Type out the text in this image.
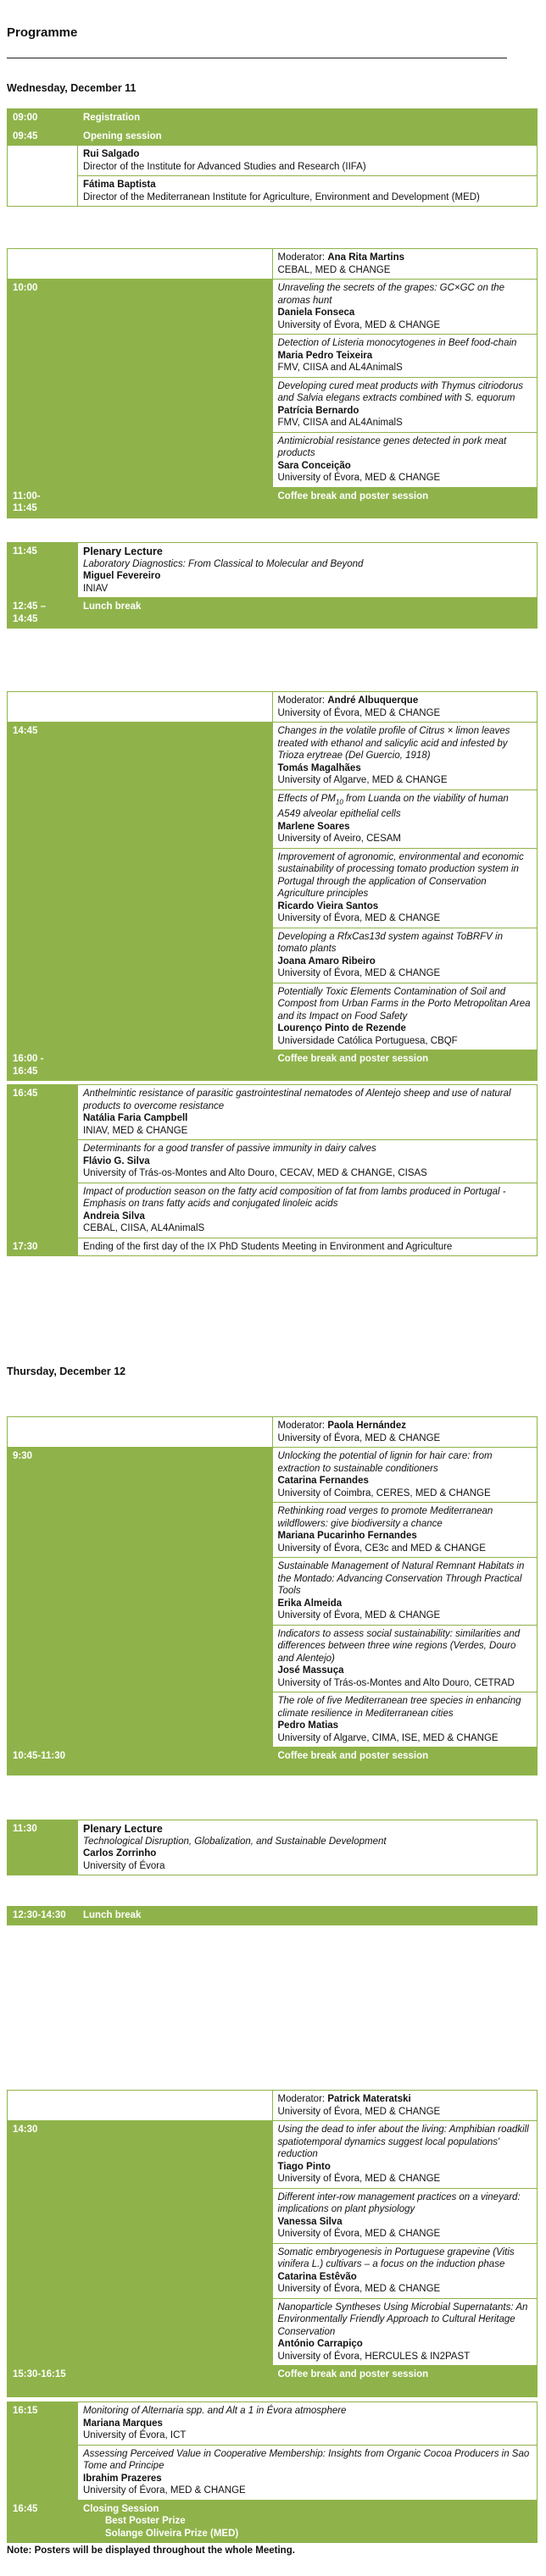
Programme
Wednesday, December 11
09:00	Registration
09:45	Opening session

	Rui Salgado
Director of the Institute for Advanced Studies and Research (IIFA)

	Fátima Baptista
Director of the Mediterranean Institute for Agriculture, Environment and Development (MED)
	Moderator: Ana Rita Martins
CEBAL, MED & CHANGE

10:00	Unraveling the secrets of the grapes: GC×GC on the aromas hunt
Daniela Fonseca
University of Évora, MED & CHANGE

	Detection of Listeria monocytogenes in Beef food-chain
Maria Pedro Teixeira
FMV, CIISA and AL4AnimalS

	Developing cured meat products with Thymus citriodorus and Salvia elegans extracts combined with S. equorum
Patrícia Bernardo
FMV, CIISA and AL4AnimalS

	Antimicrobial resistance genes detected in pork meat products
Sara Conceição
University of Évora, MED & CHANGE

11:00-
11:45	Coffee break and poster session
11:45	Plenary Lecture
Laboratory Diagnostics: From Classical to Molecular and Beyond
Miguel Fevereiro
INIAV

12:45 –
14:45	Lunch break
	Moderator: André Albuquerque
University of Évora, MED & CHANGE

14:45	Changes in the volatile profile of Citrus × limon leaves treated with ethanol and salicylic acid and infested by Trioza erytreae (Del Guercio, 1918)
Tomás Magalhães
University of Algarve, MED & CHANGE

	Effects of $PM_{10}$ from Luanda on the viability of human A549 alveolar epithelial cells
Marlene Soares
University of Aveiro, CESAM

	Improvement of agronomic, environmental and economic sustainability of processing tomato production system in Portugal through the application of Conservation Agriculture principles
Ricardo Vieira Santos
University of Évora, MED & CHANGE

	Developing a RfxCas13d system against ToBRFV in tomato plants
Joana Amaro Ribeiro
University of Évora, MED & CHANGE

	Potentially Toxic Elements Contamination of Soil and Compost from Urban Farms in the Porto Metropolitan Area and its Impact on Food Safety
Lourenço Pinto de Rezende
Universidade Católica Portuguesa, CBQF

16:00 -
16:45	Coffee break and poster session
16:45	Anthelmintic resistance of parasitic gastrointestinal nematodes of Alentejo sheep and use of natural products to overcome resistance
Natália Faria Campbell
INIAV, MED & CHANGE

	Determinants for a good transfer of passive immunity in dairy calves
Flávio G. Silva
University of Trás-os-Montes and Alto Douro, CECAV, MED & CHANGE, CISAS

	Impact of production season on the fatty acid composition of fat from lambs produced in Portugal - Emphasis on trans fatty acids and conjugated linoleic acids
Andreia Silva
CEBAL, CIISA, AL4AnimalS

17:30	Ending of the first day of the IX PhD Students Meeting in Environment and Agriculture
Thursday, December 12
	Moderator: Paola Hernández
University of Évora, MED & CHANGE

9:30	Unlocking the potential of lignin for hair care: from extraction to sustainable conditioners
Catarina Fernandes
University of Coimbra, CERES, MED & CHANGE

	Rethinking road verges to promote Mediterranean wildflowers: give biodiversity a chance
Mariana Pucarinho Fernandes
University of Évora, CE3c and MED & CHANGE

	Sustainable Management of Natural Remnant Habitats in the Montado: Advancing Conservation Through Practical Tools
Erika Almeida
University of Évora, MED & CHANGE

	Indicators to assess social sustainability: similarities and differences between three wine regions (Verdes, Douro and Alentejo)
José Massuça
University of Trás-os-Montes and Alto Douro, CETRAD

	The role of five Mediterranean tree species in enhancing climate resilience in Mediterranean cities
Pedro Matias
University of Algarve, CIMA, ISE, MED & CHANGE

10:45-11:30	Coffee break and poster session
11:30	Plenary Lecture
Technological Disruption, Globalization, and Sustainable Development
Carlos Zorrinho
University of Évora
12:30-14:30	Lunch break
	Moderator: Patrick Materatski
University of Évora, MED & CHANGE

14:30	Using the dead to infer about the living: Amphibian roadkill spatiotemporal dynamics suggest local populations' reduction
Tiago Pinto
University of Évora, MED & CHANGE

	Different inter-row management practices on a vineyard: implications on plant physiology
Vanessa Silva
University of Évora, MED & CHANGE

	Somatic embryogenesis in Portuguese grapevine (Vitis vinifera L.) cultivars – a focus on the induction phase
Catarina Estêvão
University of Évora, MED & CHANGE

	Nanoparticle Syntheses Using Microbial Supernatants: An Environmentally Friendly Approach to Cultural Heritage Conservation
António Carrapiço
University of Évora, HERCULES & IN2PAST

15:30-16:15	Coffee break and poster session
16:15	Monitoring of Alternaria spp. and Alt a 1 in Évora atmosphere
Mariana Marques
University of Évora, ICT

	Assessing Perceived Value in Cooperative Membership: Insights from Organic Cocoa Producers in Sao Tome and Principe
Ibrahim Prazeres
University of Évora, MED & CHANGE

16:45	Closing Session
Best Poster Prize
Solange Oliveira Prize (MED)
Note: Posters will be displayed throughout the whole Meeting.
